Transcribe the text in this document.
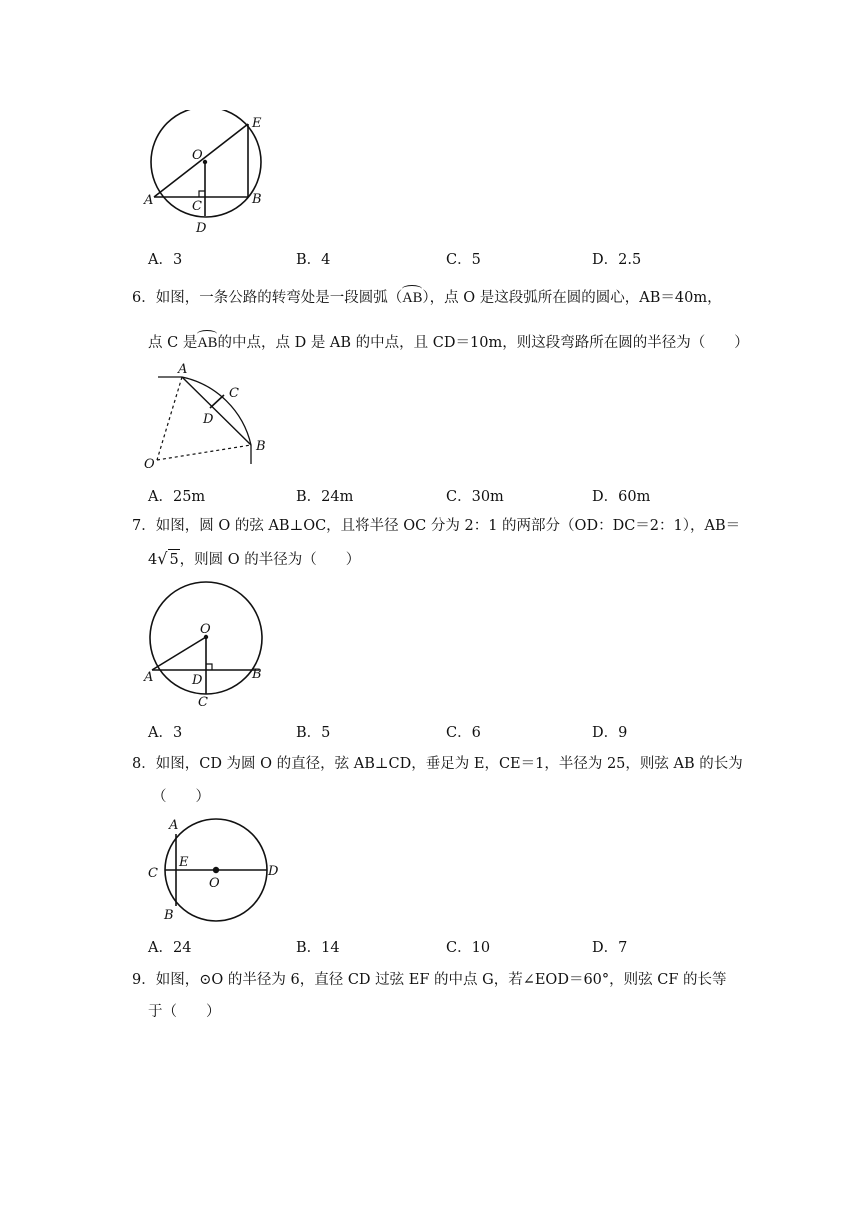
O
E
A	B
C
D
A．3	B．4	C．5	D．2.5
6．如图，一条公路的转弯处是一段圆弧（AB），点 O 是这段弧所在圆的圆心，AB＝40m，
点 C 是AB的中点，点 D 是 AB 的中点，且 CD＝10m，则这段弯路所在圆的半径为（　　）
A
C
D
B
O
A．25m	B．24m	C．30m	D．60m
7．如图，圆 O 的弦 AB⊥OC，且将半径 OC 分为 2：1 的两部分（OD：DC＝2：1），AB＝
4√ 5，则圆 O 的半径为（　　）
O
A	B
D
C
A．3	B．5	C．6	D．9
8．如图，CD 为圆 O 的直径，弦 AB⊥CD，垂足为 E，CE＝1，半径为 25，则弦 AB 的长为
（　　）
A
E
C
O
D
B
A．24	B．14	C．10	D．7
9．如图，⊙O 的半径为 6，直径 CD 过弦 EF 的中点 G，若∠EOD＝60°，则弦 CF 的长等
于（　　）
